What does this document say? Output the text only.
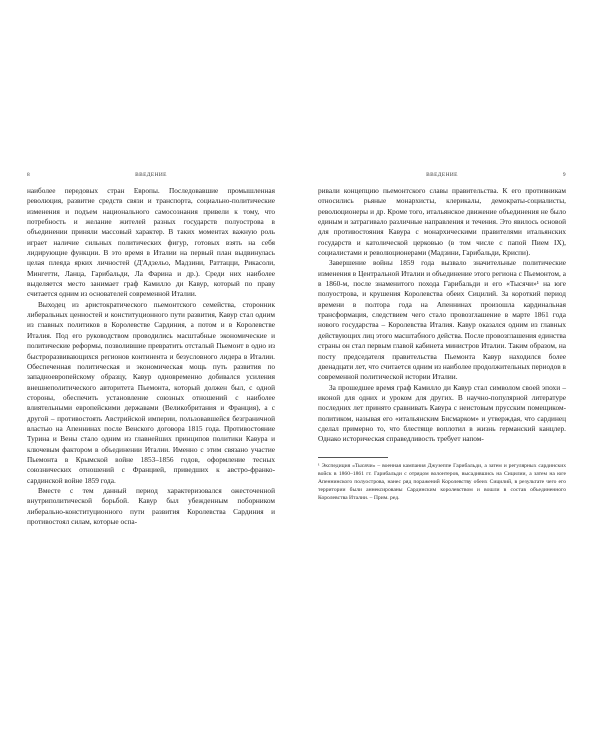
8	ВВЕДЕНИЕ

наиболее передовых стран Европы. Последовавшие промышленная революция, развитие средств связи и транспорта, социально-политические изменения и подъем национального самосознания привели к тому, что потребность и желание жителей разных государств полуострова в объединении приняли массовый характер. В таких моментах важную роль играет наличие сильных политических фигур, готовых взять на себя лидирующие функции. В это время в Италии на первый план выдвинулась целая плеяда ярких личностей (Д'Адзельо, Мадзини, Раттацци, Рикасоли, Мингетти, Ланца, Гарибальди, Ла Фарина и др.). Среди них наиболее выделяется место занимает граф Камилло ди Кавур, который по праву считается одним из основателей современной Италии.

Выходец из аристократического пьемонтского семейства, сторонник либеральных ценностей и конституционного пути развития, Кавур стал одним из главных политиков в Королевстве Сардиния, а потом и в Королевстве Италия. Под его руководством проводились масштабные экономические и политические реформы, позволившие превратить отсталый Пьемонт в одно из быстроразвивающихся регионов континента и безусловного лидера в Италии. Обеспеченная политическая и экономическая мощь путь развития по западноевропейскому образцу, Кавур одновременно добивался усиления внешнеполитического авторитета Пьемонта, который должен был, с одной стороны, обеспечить установление союзных отношений с наиболее влиятельными европейскими державами (Великобритания и Франция), а с другой – противостоять Австрийской империи, пользовавшейся безграничной властью на Апеннинах после Венского договора 1815 года. Противостояние Турина и Вены стало одним из главнейших принципов политики Кавура и ключевым фактором в объединении Италии. Именно с этим связано участие Пьемонта в Крымской войне 1853–1856 годов, оформление тесных союзнических отношений с Францией, приведших к австро-франко-сардинской войне 1859 года.

Вместе с тем данный период характеризовался ожесточенной внутриполитической борьбой. Кавур был убежденным поборником либерально-конституционного пути развития Королевства Сардиния и противостоял силам, которые оспа-

ВВЕДЕНИЕ	9

ривали концепцию пьемонтского славы правительства. К его противникам относились рьяные монархисты, клерикалы, демократы-социалисты, революционеры и др. Кроме того, итальянское движение объединения не было единым и затрагивало различные направления и течения. Это явилось основой для противостояния Кавура с монархическими правителями итальянских государств и католической церковью (в том числе с папой Пием IX), социалистами и революционерами (Мадзини, Гарибальди, Криспи).

Завершение войны 1859 года вызвало значительные политические изменения в Центральной Италии и объединение этого региона с Пьемонтом, а в 1860-м, после знаменитого похода Гарибальди и его «Тысячи»¹ на юге полуострова, и крушения Королевства обеих Сицилий. За короткий период времени в полтора года на Апеннинах произошла кардинальная трансформация, следствием чего стало провозглашение в марте 1861 года нового государства – Королевства Италия. Кавур оказался одним из главных действующих лиц этого масштабного действа. После провозглашения единства страны он стал первым главой кабинета министров Италии. Таким образом, на посту председателя правительства Пьемонта Кавур находился более двенадцати лет, что считается одним из наиболее продолжительных периодов в современной политической истории Италии.

За прошедшее время граф Камилло ди Кавур стал символом своей эпохи – иконой для одних и уроком для других. В научно-популярной литературе последних лет принято сравнивать Кавура с неистовым прусским помещиком-политиком, называя его «итальянским Бисмарком» и утверждая, что сардинец сделал примерно то, что блестяще воплотил в жизнь германский канцлер. Однако историческая справедливость требует напом-

¹ Экспедиция «Тысячи» – военная кампания Джузеппе Гарибальди, а затем и регулярных сардинских войск в 1860–1861 гг. Гарибальди с отрядом волонтеров, высадившись на Сицилии, а затем на юге Апеннинского полуострова, нанес ряд поражений Королевству обеих Сицилий, в результате чего его территории были аннексированы Сардинским королевством и вошли в состав объединенного Королевства Италии. – Прим. ред.
